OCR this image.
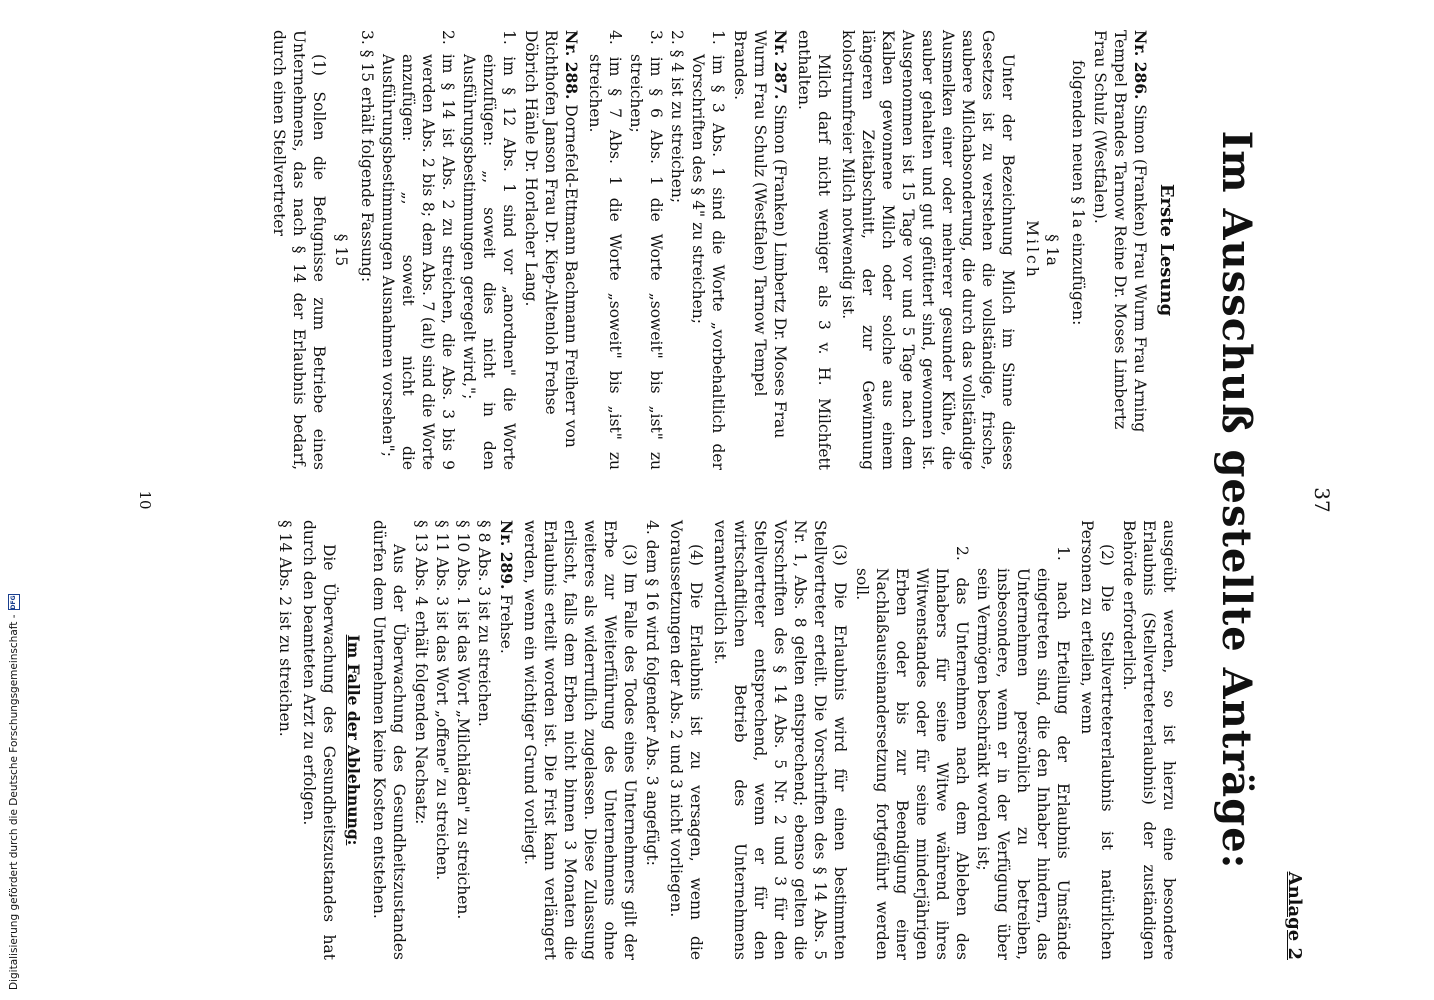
37
Anlage 2
Im Ausschuß gestellte Anträge:
Erste Lesung
Nr. 286. Simon (Franken) Frau Wurm Frau Arning Tempel Brandes Tarnow Reine Dr. Moses Limbertz Frau Schulz (Westfalen).
folgenden neuen § 1a einzufügen:
§ 1a
Milch
Unter der Bezeichnung Milch im Sinne dieses Gesetzes ist zu verstehen die vollständige, frische, saubere Milchabsonderung, die durch das vollständige Ausmelken einer oder mehrerer gesunder Kühe, die sauber gehalten und gut gefüttert sind, gewonnen ist. Ausgenommen ist 15 Tage vor und 5 Tage nach dem Kalben gewonnene Milch oder solche aus einem längeren Zeitabschnitt, der zur Gewinnung kolostrumfreier Milch notwendig ist.
Milch darf nicht weniger als 3 v. H. Milchfett enthalten.
Nr. 287. Simon (Franken) Limbertz Dr. Moses Frau Wurm Frau Schulz (Westfalen) Tarnow Tempel Brandes.
1. im § 3 Abs. 1 sind die Worte „vorbehaltlich der Vorschriften des § 4" zu streichen;
2. § 4 ist zu streichen;
3. im § 6 Abs. 1 die Worte „soweit" bis „ist" zu streichen;
4. im § 7 Abs. 1 die Worte „soweit" bis „ist" zu streichen.
Nr. 288. Dornefeld-Ettmann Bachmann Freiherr von Richthofen Janson Frau Dr. Kiep-Altenloh Frehse Döbrich Hänle Dr. Horlacher Lang.
1. im § 12 Abs. 1 sind vor „anordnen" die Worte einzufügen: „, soweit dies nicht in den Ausführungsbestimmungen geregelt wird,";
2. im § 14 ist Abs. 2 zu streichen, die Abs. 3 bis 9 werden Abs. 2 bis 8; dem Abs. 7 (alt) sind die Worte anzufügen: „, soweit nicht die Ausführungsbestimmungen Ausnahmen vorsehen";
3. § 15 erhält folgende Fassung:
§ 15
(1) Sollen die Befugnisse zum Betriebe eines Unternehmens, das nach § 14 der Erlaubnis bedarf, durch einen Stellvertreter
ausgeübt werden, so ist hierzu eine besondere Erlaubnis (Stellvertretererlaubnis) der zuständigen Behörde erforderlich.
(2) Die Stellvertretererlaubnis ist natürlichen Personen zu erteilen, wenn
1. nach Erteilung der Erlaubnis Umstände eingetreten sind, die den Inhaber hindern, das Unternehmen persönlich zu betreiben, insbesondere, wenn er in der Verfügung über sein Vermögen beschränkt worden ist;
2. das Unternehmen nach dem Ableben des Inhabers für seine Witwe während ihres Witwenstandes oder für seine minderjährigen Erben oder bis zur Beendigung einer Nachlaßauseinandersetzung fortgeführt werden soll.
(3) Die Erlaubnis wird für einen bestimmten Stellvertreter erteilt. Die Vorschriften des § 14 Abs. 5 Nr. 1, Abs. 8 gelten entsprechend; ebenso gelten die Vorschriften des § 14 Abs. 5 Nr. 2 und 3 für den Stellvertreter entsprechend, wenn er für den wirtschaftlichen Betrieb des Unternehmens verantwortlich ist.
(4) Die Erlaubnis ist zu versagen, wenn die Voraussetzungen der Abs. 2 und 3 nicht vorliegen.
4. dem § 16 wird folgender Abs. 3 angefügt:
(3) Im Falle des Todes eines Unternehmers gilt der Erbe zur Weiterführung des Unternehmens ohne weiteres als widerruflich zugelassen. Diese Zulassung erlischt, falls dem Erben nicht binnen 3 Monaten die Erlaubnis erteilt worden ist. Die Frist kann verlängert werden, wenn ein wichtiger Grund vorliegt.
Nr. 289. Frehse.
§ 8 Abs. 3 ist zu streichen.
§ 10 Abs. 1 ist das Wort „Milchläden" zu streichen.
§ 11 Abs. 3 ist das Wort „offene" zu streichen.
§ 13 Abs. 4 erhält folgenden Nachsatz:
Aus der Überwachung des Gesundheitszustandes dürfen dem Unternehmen keine Kosten entstehen.
Im Falle der Ablehnung:
Die Überwachung des Gesundheitszustandes hat durch den beamteten Arzt zu erfolgen.
§ 14 Abs. 2 ist zu streichen.
10
Digitalisierung gefördert durch die Deutsche Forschungsgemeinschaft -
DFG
